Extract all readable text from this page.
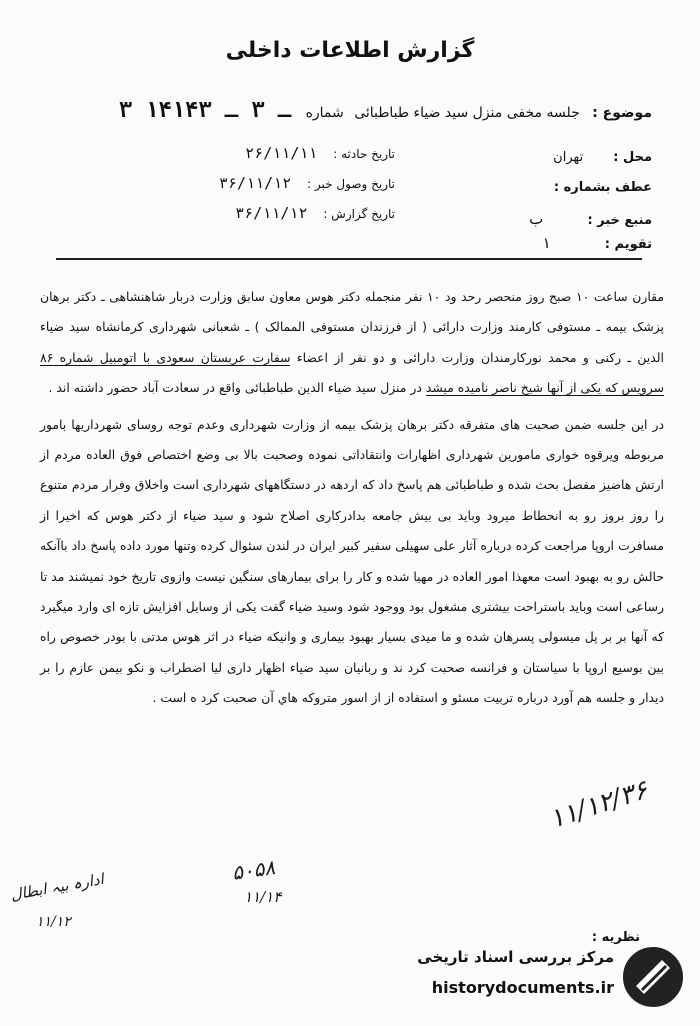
گزارش اطلاعات داخلی
موضوع : جلسه مخفی منزل سید ضیاء طباطبائی شماره ۳ ـ ۳ ـ ۱۴۱۴۳
محل : تهران
عطف بشماره :
منبع خبر : ب
تقویم : ۱
تاریخ حادثه : ۲۶/۱۱/۱۱
تاریخ وصول خبر : ۳۶/۱۱/۱۲
تاریخ گزارش : ۳۶/۱۱/۱۲

مقارن ساعت ۱۰ صبح روز منحصر رحد ود ۱۰ نفر منجمله دکتر هوس معاون سابق وزارت دربار شاهنشاهی ـ دکتر برهان پزشک بیمه ـ مستوفی کارمند وزارت دارائی ( از فرزندان مستوفی الممالک ) ـ شعبانی شهرداری کرمانشاه سید ضیاء الدین ـ رکنی و محمد نورکارمندان وزارت دارائی و دو نفر از اعضاء سفارت عربستان سعودی با اتومبیل شماره ۸۶ سرویس که یکی از آنها شیخ ناصر نامیده میشد در منزل سید ضیاء الدین طباطبائی واقع در سعادت آباد حضور داشته اند .

در این جلسه ضمن صحبت های متفرقه دکتر برهان پزشک بیمه از وزارت شهرداری وعدم توجه روسای شهرداریها بامور مربوطه ویرقوه خواری مامورین شهرداری اظهارات وانتقاداتی نموده وصحبت بالا بی وضع اختصاص فوق العاده مردم از ارتش هاضیز مفصل بحث شده و طباطبائی هم پاسخ داد که اردهه در دستگاههای شهرداری است واخلاق وفرار مردم متنوع را روز بروز رو به انحطاط میرود وباید بی بیش جامعه بدادرکاری اصلاح شود و سید ضیاء از دکتر هوس که اخیرا از مسافرت اروپا مراجعت کرده درباره آثار علی سهیلی سفیر کبیر ایران در لندن سئوال کرده وتنها مورد داده پاسخ داد باآنکه حالش رو به بهبود است معهذا امور العاده در مهیا شده و کار را برای بیمارهای سنگین نیست وازوی تاریخ خود نمیشند مد تا رساعی است وباید باستراحت بیشتری مشغول بود ووجود شود وسید ضیاء گفت یکی از وسایل افزایش تازه ای وارد میگیرد که آنها بر بر پل میسولی پسرهان شده و ما میدی بسیار بهبود بیماری و وانیکه ضیاء در اثر هوس مدتی با بودر خصوص راه بین بوسیع اروپا با سیاستان و فرانسه صحبت کرد ند و ربانیان سید ضیاء اظهار داری لیا اضطراب و نکو بیمن عازم را بر دیدار و جلسه هم آورد درباره تربیت مسئو و استفاده از از اسور متروکه هاي آن صحبت کرد ه است .

۱۱/۱۲/۳۶
۵۰۵۸
۱۱/۱۴
ادارہ بیہ ابطال
۱۱/۱۲
نظریه :
مرکز بررسی اسناد تاریخی
historydocuments.ir
